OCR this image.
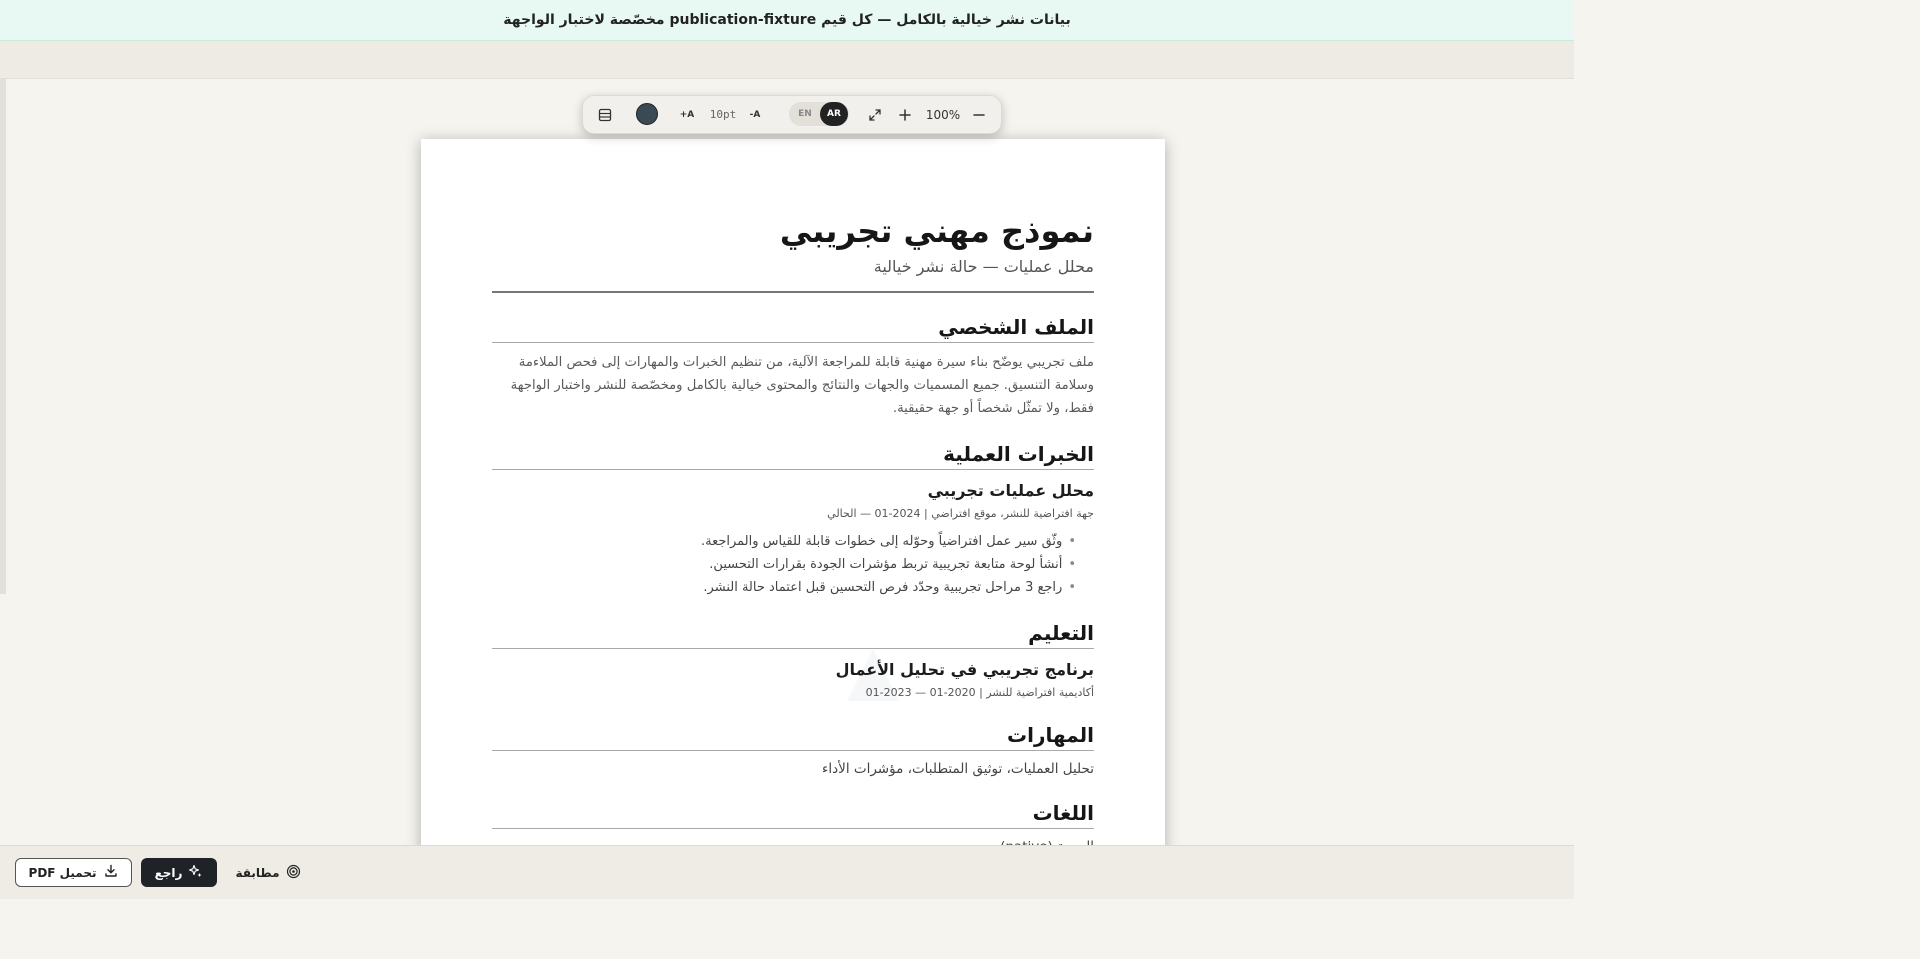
بيانات نشر خيالية بالكامل — كل قيم publication-fixture مخصّصة لاختبار الواجهة
نموذج مهني تجريبي
محلل عمليات — حالة نشر خيالية
الملف الشخصي
ملف تجريبي يوضّح بناء سيرة مهنية قابلة للمراجعة الآلية، من تنظيم الخبرات والمهارات إلى فحص الملاءمة وسلامة التنسيق. جميع المسميات والجهات والنتائج والمحتوى خيالية بالكامل ومخصّصة للنشر واختبار الواجهة فقط، ولا تمثّل شخصاً أو جهة حقيقية.
الخبرات العملية
محلل عمليات تجريبي
جهة افتراضية للنشر، موقع افتراضي | 2024-01 — الحالي
• وثّق سير عمل افتراضياً وحوّله إلى خطوات قابلة للقياس والمراجعة.
• أنشأ لوحة متابعة تجريبية تربط مؤشرات الجودة بقرارات التحسين.
• راجع 3 مراحل تجريبية وحدّد فرص التحسين قبل اعتماد حالة النشر.
التعليم
برنامج تجريبي في تحليل الأعمال
أكاديمية افتراضية للنشر | 2020-01 — 2023-01
المهارات
تحليل العمليات، توثيق المتطلبات، مؤشرات الأداء
اللغات
+A 10pt	-A	EN	AR	100%
تحميل PDF	راجع	مطابقة
